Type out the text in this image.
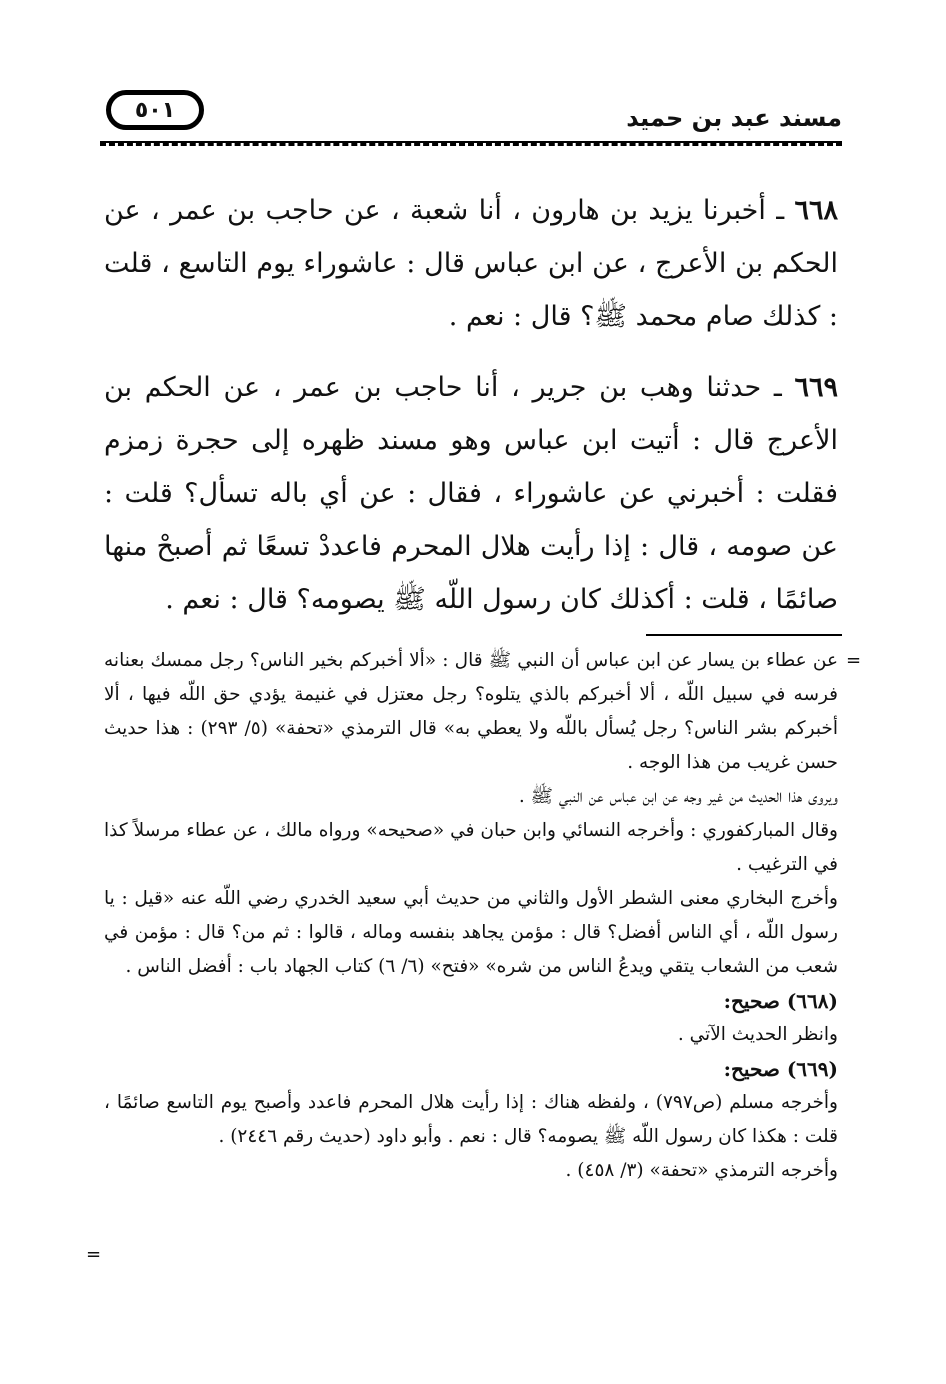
مسند عبد بن حميد
٥٠١

٦٦٨ ـ أخبرنا يزيد بن هارون ، أنا شعبة ، عن حاجب بن عمر ، عن الحكم بن الأعرج ، عن ابن عباس قال : عاشوراء يوم التاسع ، قلت : كذلك صام محمد ﷺ؟ قال : نعم .

٦٦٩ ـ حدثنا وهب بن جرير ، أنا حاجب بن عمر ، عن الحكم بن الأعرج قال : أتيت ابن عباس وهو مسند ظهره إلى حجرة زمزم فقلت : أخبرني عن عاشوراء ، فقال : عن أي باله تسأل؟ قلت : عن صومه ، قال : إذا رأيت هلال المحرم فاعددْ تسعًا ثم أصبحْ منها صائمًا ، قلت : أكذلك كان رسول اللّه ﷺ يصومه؟ قال : نعم .

=

عن عطاء بن يسار عن ابن عباس أن النبي ﷺ قال : «ألا أخبركم بخير الناس؟ رجل ممسك بعنانه فرسه في سبيل اللّه ، ألا أخبركم بالذي يتلوه؟ رجل معتزل في غنيمة يؤدي حق اللّه فيها ، ألا أخبركم بشر الناس؟ رجل يُسأل باللّه ولا يعطي به» قال الترمذي «تحفة» (٥/ ٢٩٣) : هذا حديث حسن غريب من هذا الوجه .

ويروى هذا الحديث من غير وجه عن ابن عباس عن النبي ﷺ .

وقال المباركفوري : وأخرجه النسائي وابن حبان في «صحيحه» ورواه مالك ، عن عطاء مرسلاً كذا في الترغيب .

وأخرج البخاري معنى الشطر الأول والثاني من حديث أبي سعيد الخدري رضي اللّه عنه «قيل : يا رسول اللّه ، أي الناس أفضل؟ قال : مؤمن يجاهد بنفسه وماله ، قالوا : ثم من؟ قال : مؤمن في شعب من الشعاب يتقي ويدعُ الناس من شره» «فتح» (٦/ ٦) كتاب الجهاد باب : أفضل الناس .

(٦٦٨) صحيح:

وانظر الحديث الآتي .

(٦٦٩) صحيح:

وأخرجه مسلم (ص٧٩٧) ، ولفظه هناك : إذا رأيت هلال المحرم فاعدد وأصبح يوم التاسع صائمًا ، قلت : هكذا كان رسول اللّه ﷺ يصومه؟ قال : نعم . وأبو داود (حديث رقم ٢٤٤٦) .

وأخرجه الترمذي «تحفة» (٣/ ٤٥٨) .

=
